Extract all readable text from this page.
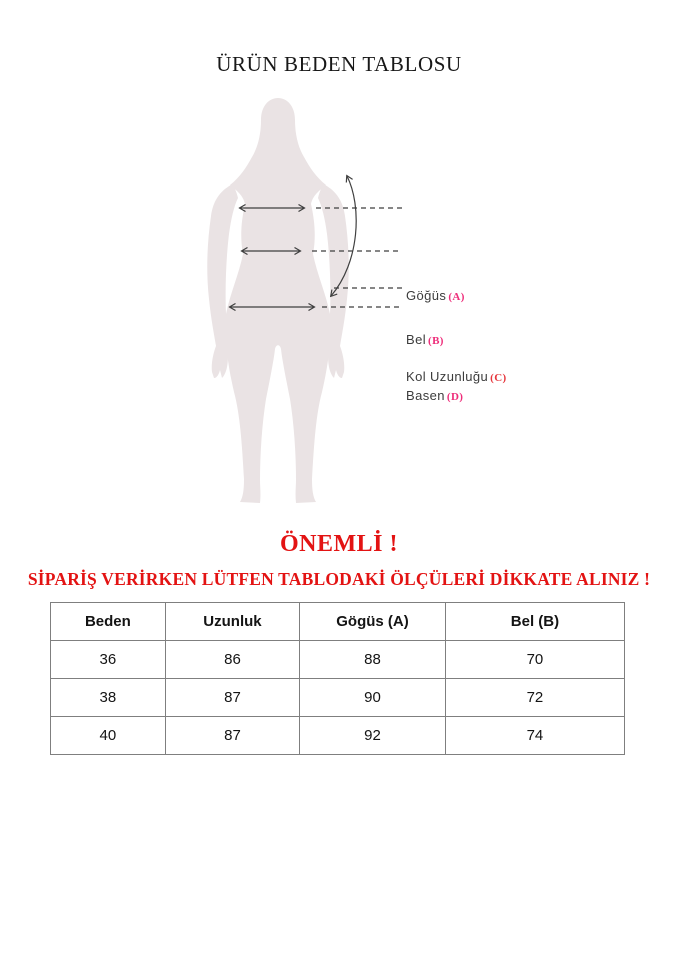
ÜRÜN BEDEN TABLOSU
Göğüs (A)
Bel (B)
Kol Uzunluğu (C)
Basen (D)
ÖNEMLİ !
SİPARİŞ VERİRKEN LÜTFEN TABLODAKİ ÖLÇÜLERİ DİKKATE ALINIZ !
Beden	Uzunluk	Gögüs (A)	Bel (B)
36	86	88	70
38	87	90	72
40	87	92	74
